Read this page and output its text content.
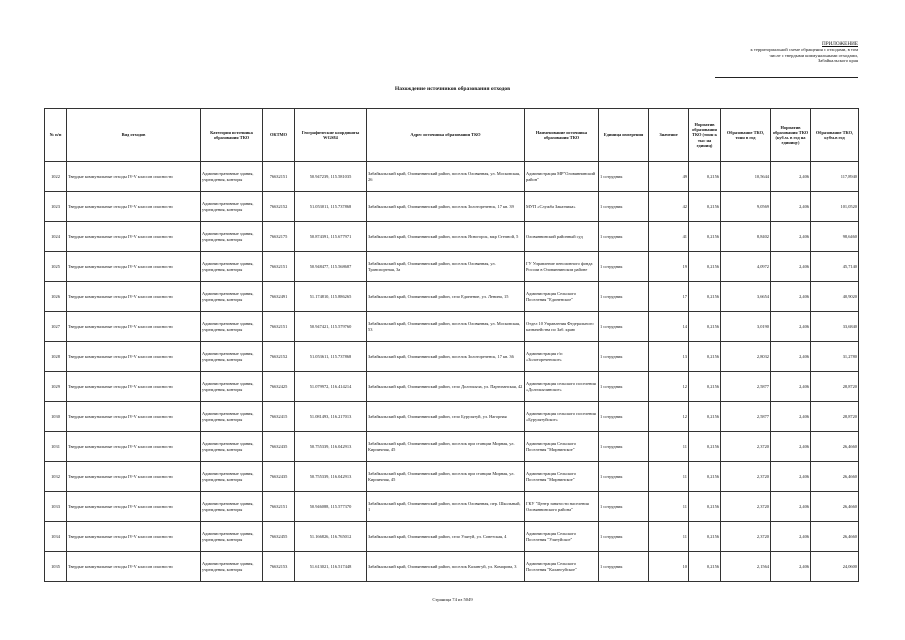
ПРИЛОЖЕНИЕ
к территориальной схеме обращения с отходами, в том
числе с твердыми коммунальными отходами,
Забайкальского края
Нахождение источников образования отходов
№ п/п	Вид отходов	Категория источника образования ТКО	ОКТМО	Географические координаты WGS84	Адрес источника образования ТКО	Наименование источника образования ТКО	Единица измерения	Значение	Норматив образования ТКО (тонн к тыс на единиц)	Образование ТКО, тонн в год	Норматив образования ТКО (куб.м. в год на единицу)	Образование ТКО, кубм.в год
1022	Твердые коммунальные отходы IV-V классов опасности	Административные здания, учреждения, конторы	76632151	50.947239, 115.581035	Забайкальский край, Оловяннинский район, поселок Оловянная, ул. Московская, 26	Администрация МР"Оловяннинский район"	1 сотрудник	49	0,2156	10,5644	2,406	117,8940
1023	Твердые коммунальные отходы IV-V классов опасности	Административные здания, учреждения, конторы	76632152	51.053011, 115.737868	Забайкальский край, Оловяннинский район, поселок Золотореченск, 17 кв. 39	МУП «Служба Заказчика»	1 сотрудник	42	0,2156	9,0569	2,406	101,0520
1024	Твердые коммунальные отходы IV-V классов опасности	Административные здания, учреждения, конторы	76632175	50.874391, 115.677971	Забайкальский край, Оловяннинский район, поселок Ясногорск, мкр Степной, 5	Оловяннинский районный суд	1 сотрудник	41	0,2156	8,8402	2,406	98,6460
1025	Твердые коммунальные отходы IV-V классов опасности	Административные здания, учреждения, конторы	76632151	50.948477, 115.568687	Забайкальский край, Оловяннинский район, поселок Оловянная, ул. Транспортная, 3а	ГУ Управление пенсионного фонда России в Оловяннинском районе	1 сотрудник	19	0,2156	4,0972	2,406	45,7140
1026	Твердые коммунальные отходы IV-V классов опасности	Административные здания, учреждения, конторы	76632491	51.174810, 115.886265	Забайкальский край, Оловяннинский район, село Единение, ул. Ленина, 15	Администрация Сельского Поселения "Единенское"	1 сотрудник	17	0,2156	3,6654	2,406	40,9020
1027	Твердые коммунальные отходы IV-V классов опасности	Административные здания, учреждения, конторы	76632151	50.947421, 115.579760	Забайкальский край, Оловяннинский район, поселок Оловянная, ул. Московская, 53	Отдел 10 Управления Федерального казначейства по Заб. краю	1 сотрудник	14	0,2156	3,0190	2,406	33,6840
1028	Твердые коммунальные отходы IV-V классов опасности	Административные здания, учреждения, конторы	76632152	51.053611, 115.737868	Забайкальский край, Оловяннинский район, поселок Золотореченск, 17 кв. 36	Администрация г/п «Золотореченское»	1 сотрудник	13	0,2156	2,8032	2,406	31,2780
1029	Твердые коммунальные отходы IV-V классов опасности	Административные здания, учреждения, конторы	76632425	51.079972, 116.414214	Забайкальский край, Оловяннинский район, село Долгокыча, ул. Партизанская, 42	Администрация сельского поселения «Долгокычинское»	1 сотрудник	12	0,2156	2,5877	2,406	28,8720
1030	Твердые коммунальные отходы IV-V классов опасности	Административные здания, учреждения, конторы	76632415	51.081493, 116.217013	Забайкальский край, Оловяннинский район, село Бурулятуй, ул. Нагорная	Администрация сельского поселения «Бурулятуйское»	1 сотрудник	12	0,2156	2,5877	2,406	28,8720
1031	Твердые коммунальные отходы IV-V классов опасности	Административные здания, учреждения, конторы	76632435	50.755339, 116.042913	Забайкальский край, Оловяннинский район, поселок при станции Мирная, ул. Кирпичная, 45	Администрация Сельского Поселения "Мирнинское"	1 сотрудник	11	0,2156	2,3720	2,406	26,4660
1032	Твердые коммунальные отходы IV-V классов опасности	Административные здания, учреждения, конторы	76632435	50.755339, 116.042913	Забайкальский край, Оловяннинский район, поселок при станции Мирная, ул. Кирпичная, 45	Администрация Сельского Поселения "Мирнинское"	1 сотрудник	11	0,2156	2,3720	2,406	26,4660
1033	Твердые коммунальные отходы IV-V классов опасности	Административные здания, учреждения, конторы	76632151	50.946088, 115.577370	Забайкальский край, Оловяннинский район, поселок Оловянная, пер. Школьный, 1	ГКУ "Центр занятости населения Оловяннинского района"	1 сотрудник	11	0,2156	2,3720	2,406	26,4660
1034	Твердые коммунальные отходы IV-V классов опасности	Административные здания, учреждения, конторы	76632455	51.166826, 116.765012	Забайкальский край, Оловяннинский район, село Улятуй, ул. Советская, 4	Администрация Сельского Поселения "Улятуйское"	1 сотрудник	11	0,2156	2,3720	2,406	26,4660
1035	Твердые коммунальные отходы IV-V классов опасности	Административные здания, учреждения, конторы	76632153	51.613021, 116.517448	Забайкальский край, Оловяннинский район, поселок Калангуй, ул. Комарова, 3	Администрация Сельского Поселения "Калангуйское"	1 сотрудник	10	0,2156	2,1564	2,406	24,0600
Страница 74 из 5049
